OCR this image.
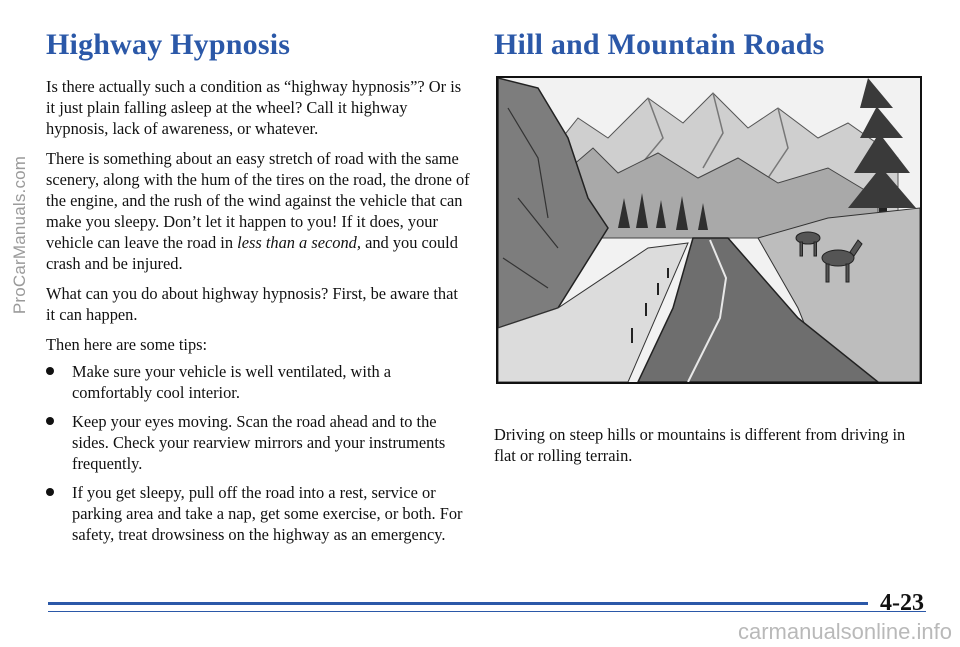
ProCarManuals.com
Highway Hypnosis

Is there actually such a condition as “highway hypnosis”? Or is it just plain falling asleep at the wheel? Call it highway hypnosis, lack of awareness, or whatever.

There is something about an easy stretch of road with the same scenery, along with the hum of the tires on the road, the drone of the engine, and the rush of the wind against the vehicle that can make you sleepy. Don’t let it happen to you! If it does, your vehicle can leave the road in less than a second, and you could crash and be injured.

What can you do about highway hypnosis? First, be aware that it can happen.

Then here are some tips:

Make sure your vehicle is well ventilated, with a comfortably cool interior.
Keep your eyes moving. Scan the road ahead and to the sides. Check your rearview mirrors and your instruments frequently.
If you get sleepy, pull off the road into a rest, service or parking area and take a nap, get some exercise, or both. For safety, treat drowsiness on the highway as an emergency.
Hill and Mountain Roads

Driving on steep hills or mountains is different from driving in flat or rolling terrain.

4-23
carmanualsonline.info
